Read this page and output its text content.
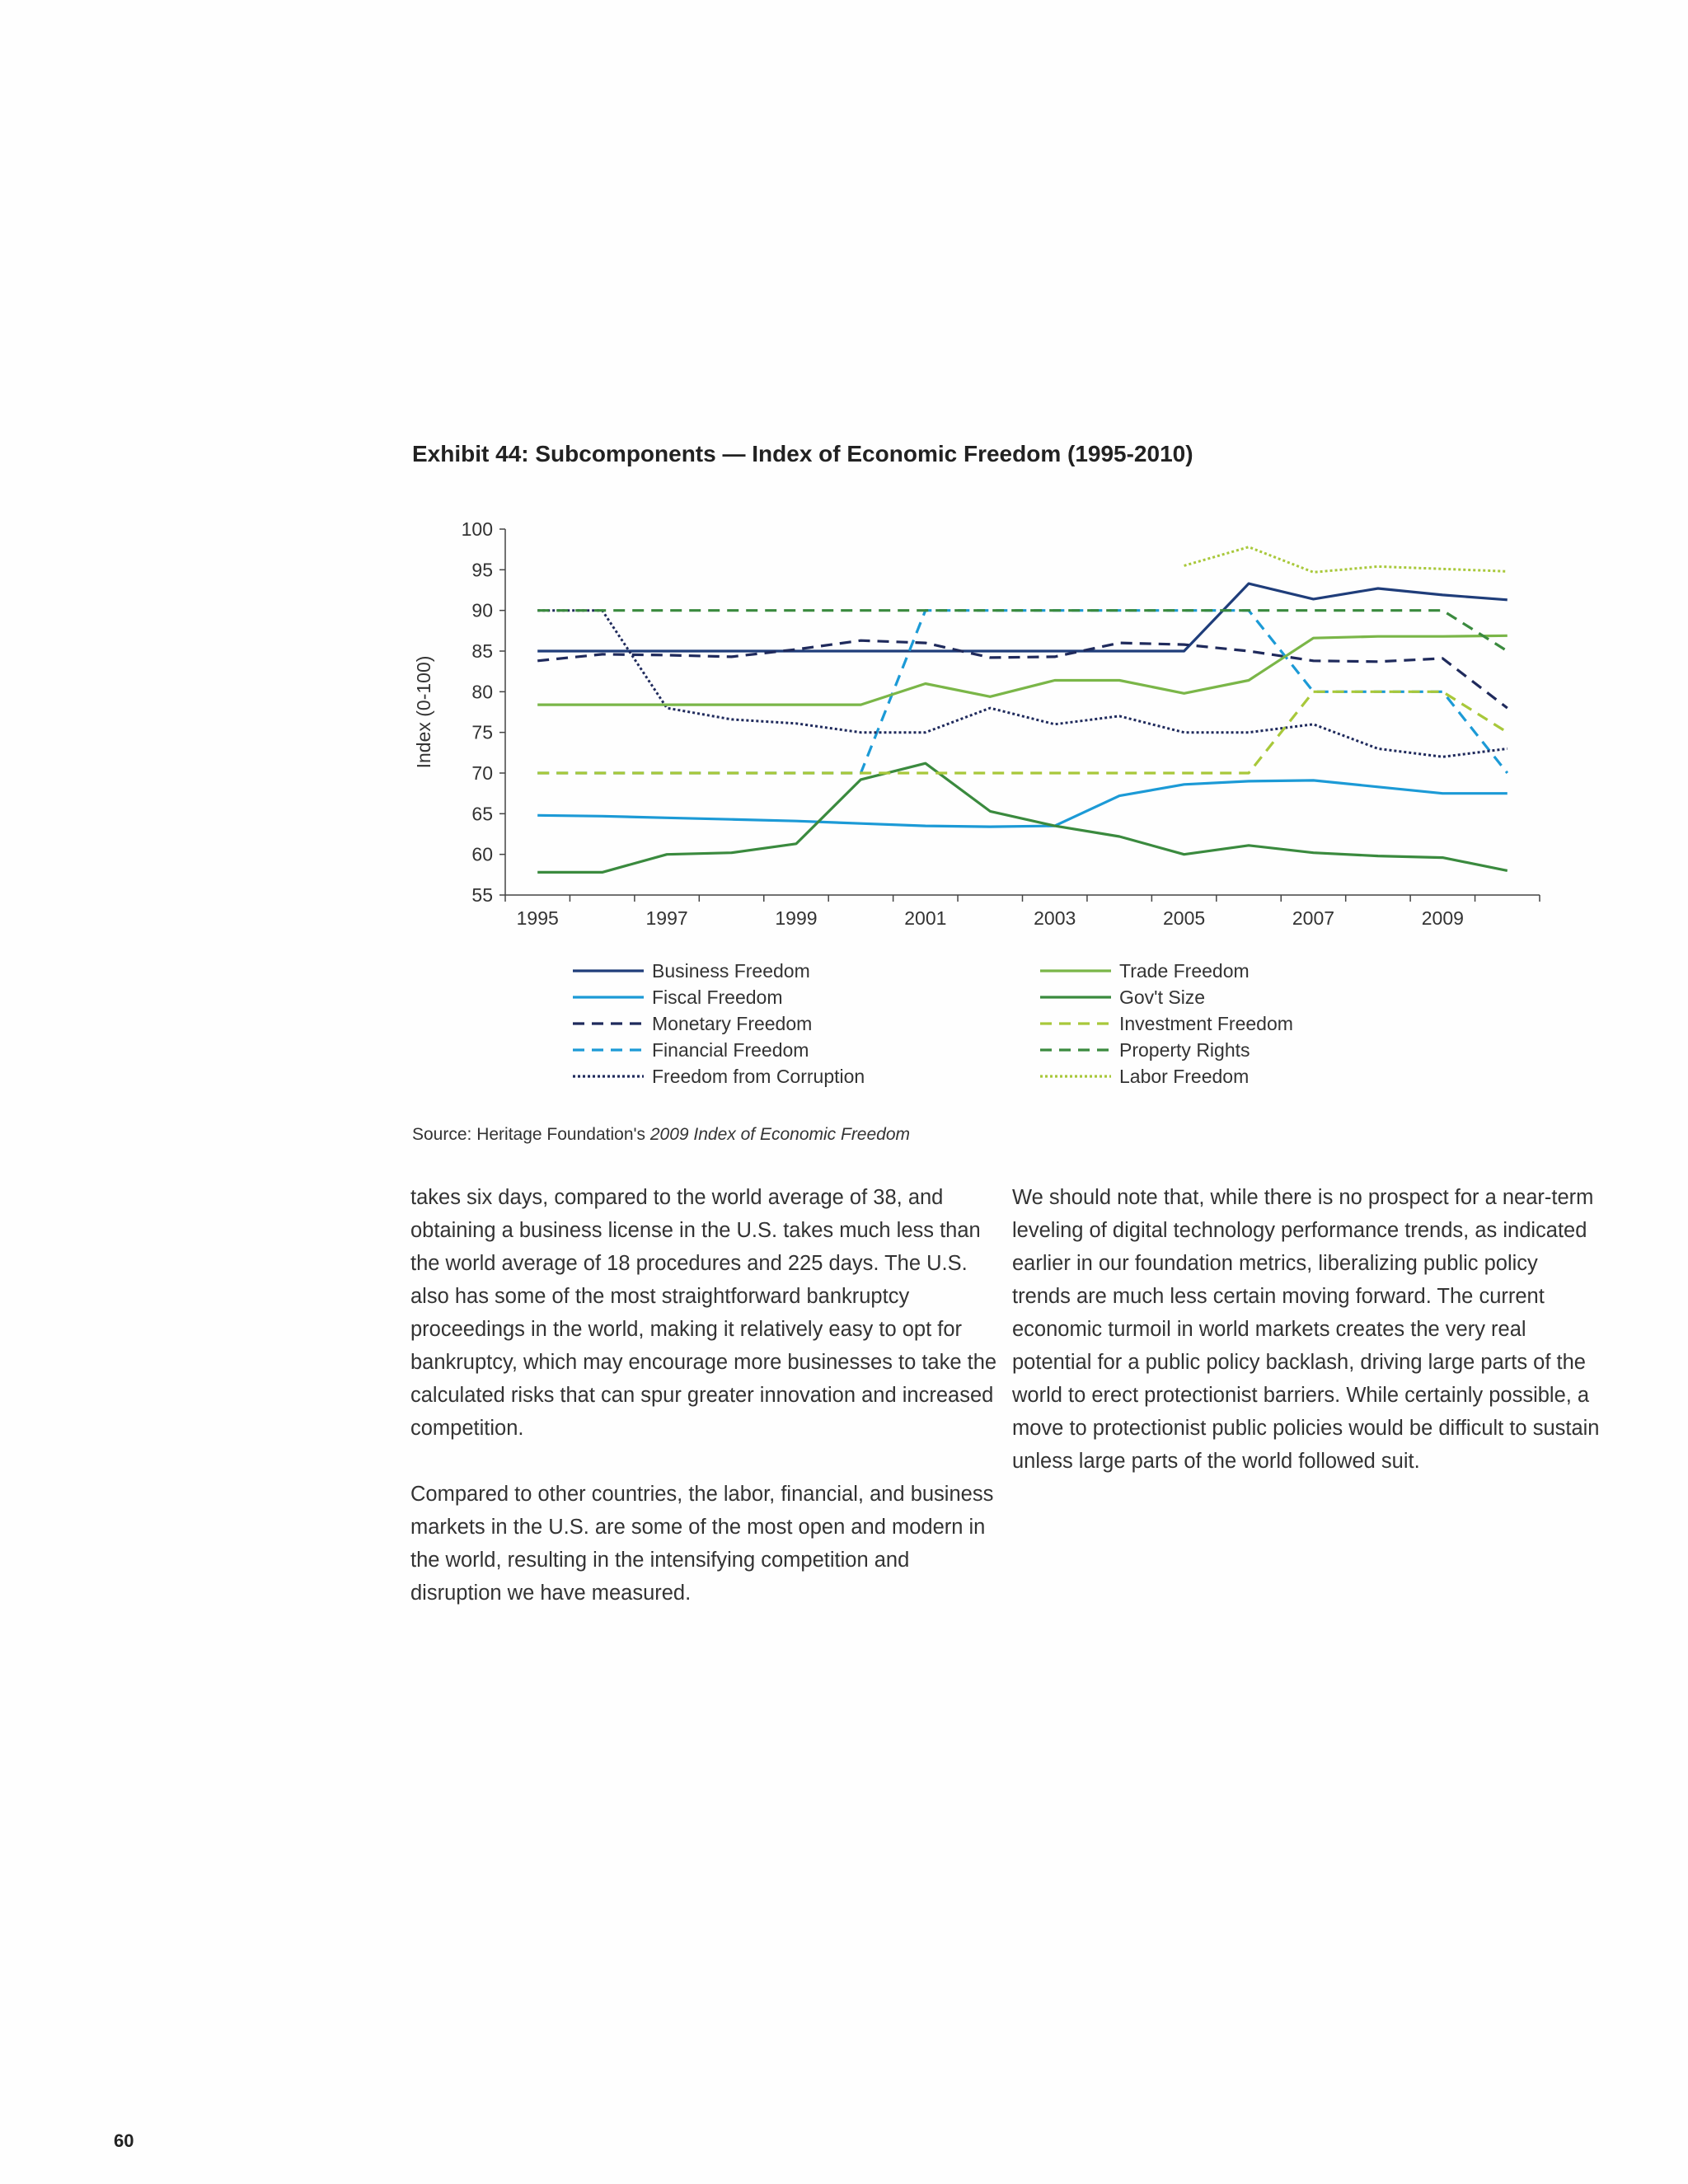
Exhibit 44: Subcomponents — Index of Economic Freedom (1995-2010)
55
60
65
70
75
80
85
90
95
100
1995	1997	1999	2001	2003	2005	2007	2009
Index (0-100)
Business Freedom
Fiscal Freedom
Monetary Freedom
Financial Freedom
Freedom from Corruption
Trade Freedom
Gov't Size
Investment Freedom
Property Rights
Labor Freedom
Source: Heritage Foundation's 2009 Index of Economic Freedom

takes six days, compared to the world average of 38, and obtaining a business license in the U.S. takes much less than the world average of 18 procedures and 225 days. The U.S. also has some of the most straightforward bankruptcy proceedings in the world, making it relatively easy to opt for bankruptcy, which may encourage more businesses to take the calculated risks that can spur greater innovation and increased competition.

Compared to other countries, the labor, financial, and business markets in the U.S. are some of the most open and modern in the world, resulting in the intensifying competition and disruption we have measured.

We should note that, while there is no prospect for a near-term leveling of digital technology performance trends, as indicated earlier in our foundation metrics, liberalizing public policy trends are much less certain moving forward. The current economic turmoil in world markets creates the very real potential for a public policy backlash, driving large parts of the world to erect protectionist barriers. While certainly possible, a move to protectionist public policies would be difficult to sustain unless large parts of the world followed suit.

60
